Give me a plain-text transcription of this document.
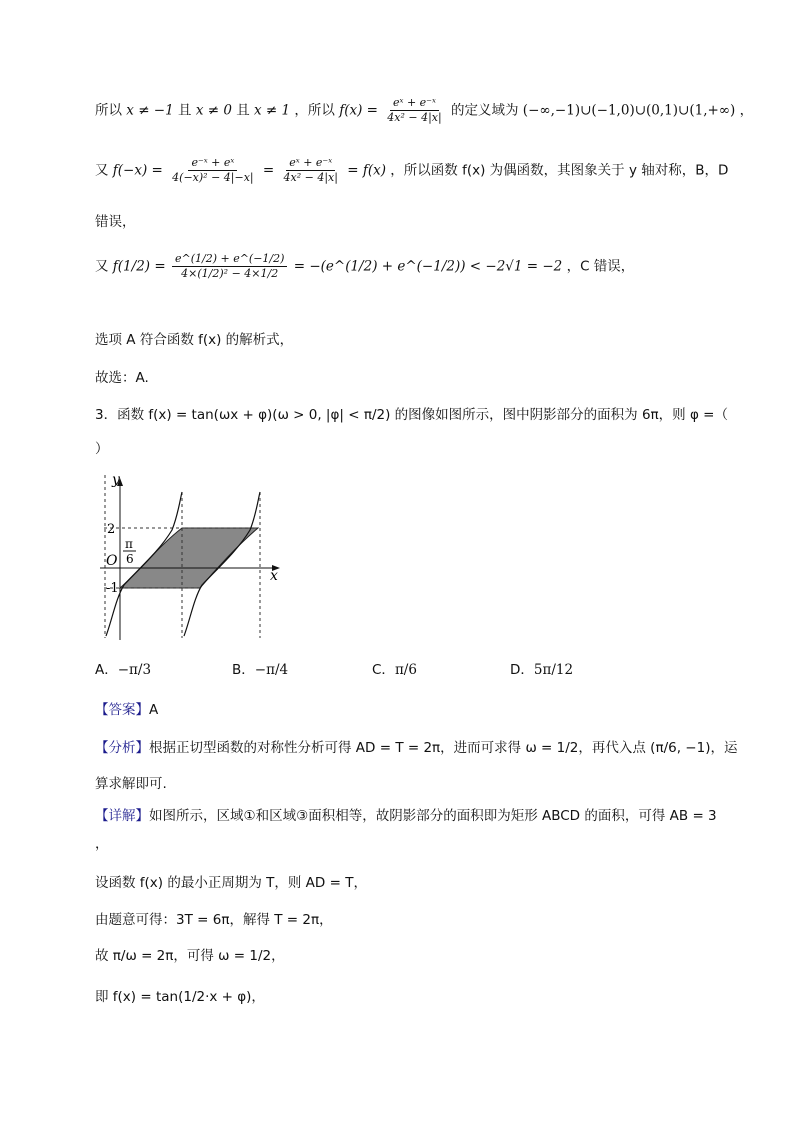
所以 x ≠ −1 且 x ≠ 0 且 x ≠ 1 ，所以 $f(x) = \frac{\text{eˣ + e⁻ˣ}}{\text{4x² − 4|x|}}$ 的定义域为 (−∞,−1)∪(−1,0)∪(0,1)∪(1,+∞) ，
又 $f(-x) = \frac{\text{e⁻ˣ + eˣ}}{\text{4(−x)² − 4|−x|}} = \frac{\text{eˣ + e⁻ˣ}}{\text{4x² − 4|x|}} = f(x)$ ，所以函数 f(x) 为偶函数，其图象关于 y 轴对称，B，D
错误，
又 $f(1/2) = \frac{e\^{}(1/2) + e\^{}(-1/2)}{\text{4×(1/2)² − 4×1/2}}$ = −(e^(1/2) + e^(−1/2)) < −2√1 = −2 ，C 错误，
选项 A 符合函数 f(x) 的解析式，
故选：A.
3．函数 f(x) = tan(ωx + φ)(ω > 0, |φ| < π/2) 的图像如图所示，图中阴影部分的面积为 6π，则 φ =（
）
y
x
O
2
-1
π
6
A．−π/3	B．−π/4	C．π/6	D．5π/12
【答案】A
【分析】根据正切型函数的对称性分析可得 AD = T = 2π，进而可求得 ω = 1/2，再代入点 (π/6, −1)，运
算求解即可.
【详解】如图所示，区域①和区域③面积相等，故阴影部分的面积即为矩形 ABCD 的面积，可得 AB = 3
，
设函数 f(x) 的最小正周期为 T，则 AD = T，
由题意可得：3T = 6π，解得 T = 2π，
故 π/ω = 2π，可得 ω = 1/2，
即 f(x) = tan(1/2·x + φ)，
